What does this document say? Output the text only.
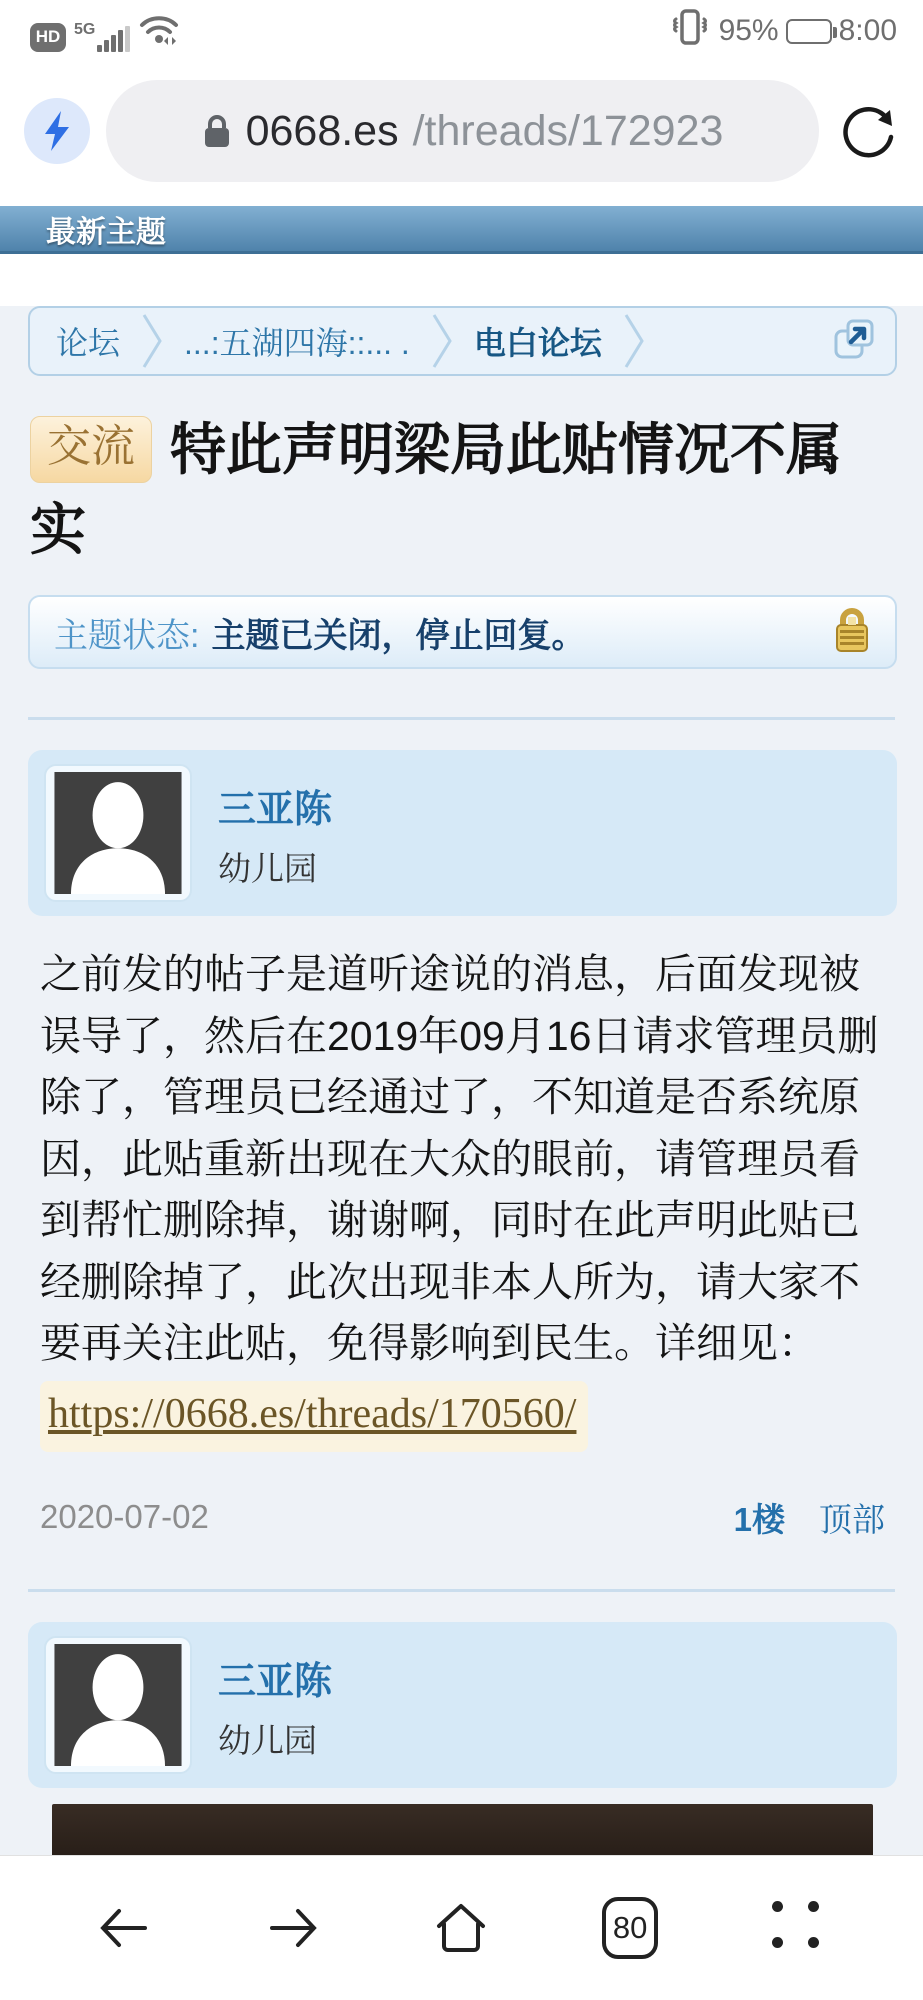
HD 5G	95% 8:00
0668.es /threads/172923
最新主题
论坛 ...:五湖四海::... . 电白论坛
交流 特此声明梁局此贴情况不属实
主题状态: 主题已关闭，停止回复。
三亚陈
幼儿园
之前发的帖子是道听途说的消息，后面发现被误导了，然后在2019年09月16日请求管理员删除了，管理员已经通过了，不知道是否系统原因，此贴重新出现在大众的眼前，请管理员看到帮忙删除掉，谢谢啊，同时在此声明此贴已经删除掉了，此次出现非本人所为，请大家不要再关注此贴，免得影响到民生。详细见： https://0668.es/threads/170560/
2020-07-02	1楼 顶部
三亚陈
幼儿园
80
